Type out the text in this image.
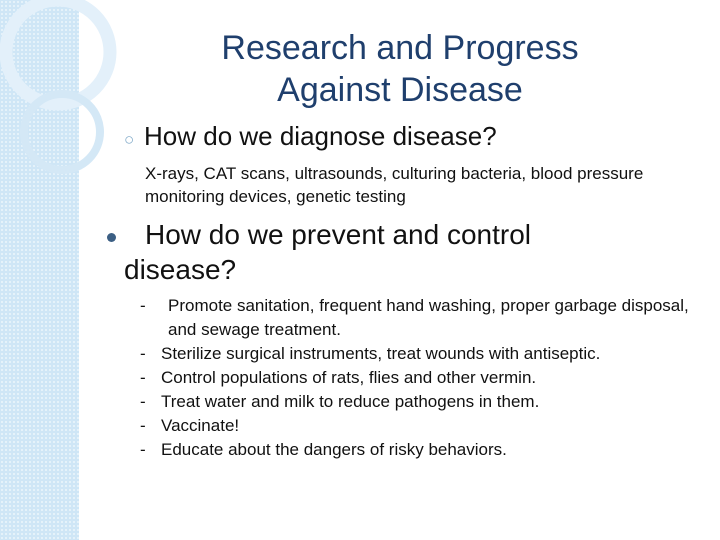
Research and Progress
Against Disease
○ How do we diagnose disease?
X-rays, CAT scans, ultrasounds, culturing bacteria, blood pressure monitoring devices, genetic testing
How do we prevent and control disease?
- Promote sanitation, frequent hand washing, proper garbage disposal, and sewage treatment.
- Sterilize surgical instruments, treat wounds with antiseptic.
- Control populations of rats, flies and other vermin.
- Treat water and milk to reduce pathogens in them.
- Vaccinate!
- Educate about the dangers of risky behaviors.
